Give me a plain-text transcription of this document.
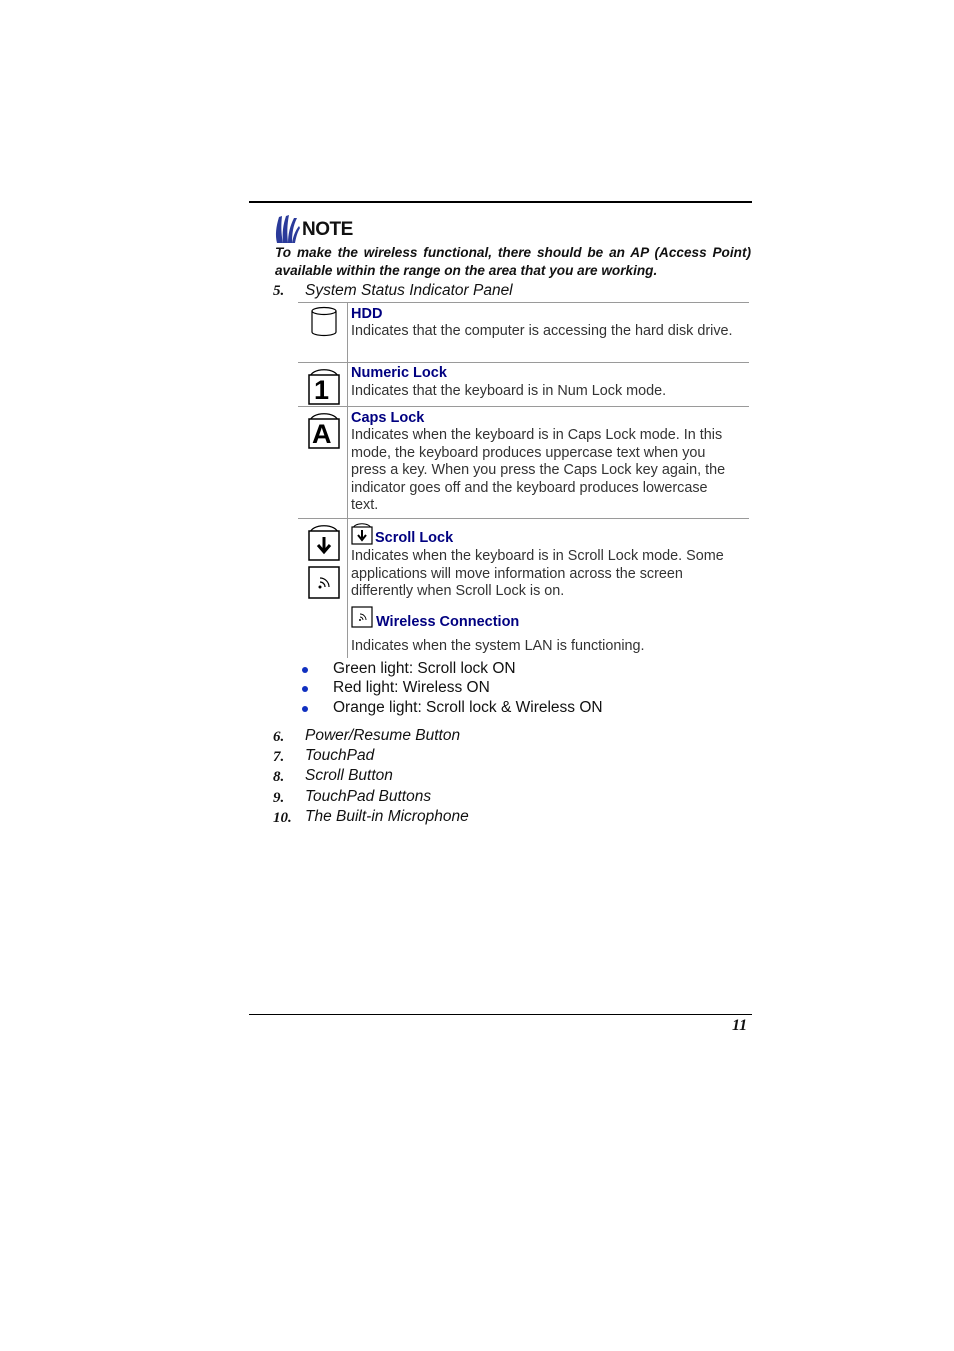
NOTE
To make the wireless functional, there should be an AP (Access Point) available within the range on the area that you are working.
5. System Status Indicator Panel
HDD
Indicates that the computer is accessing the hard disk drive.
1
Numeric Lock
Indicates that the keyboard is in Num Lock mode.
A
Caps Lock
Indicates when the keyboard is in Caps Lock mode. In this mode, the keyboard produces uppercase text when you press a key. When you press the Caps Lock key again, the indicator goes off and the keyboard produces lowercase text.
Scroll Lock
Indicates when the keyboard is in Scroll Lock mode. Some applications will move information across the screen differently when Scroll Lock is on.
Wireless Connection
Indicates when the system LAN is functioning.
Green light: Scroll lock ON
Red light: Wireless ON
Orange light: Scroll lock & Wireless ON
6. Power/Resume Button
7. TouchPad
8. Scroll Button
9. TouchPad Buttons
10. The Built-in Microphone
11
